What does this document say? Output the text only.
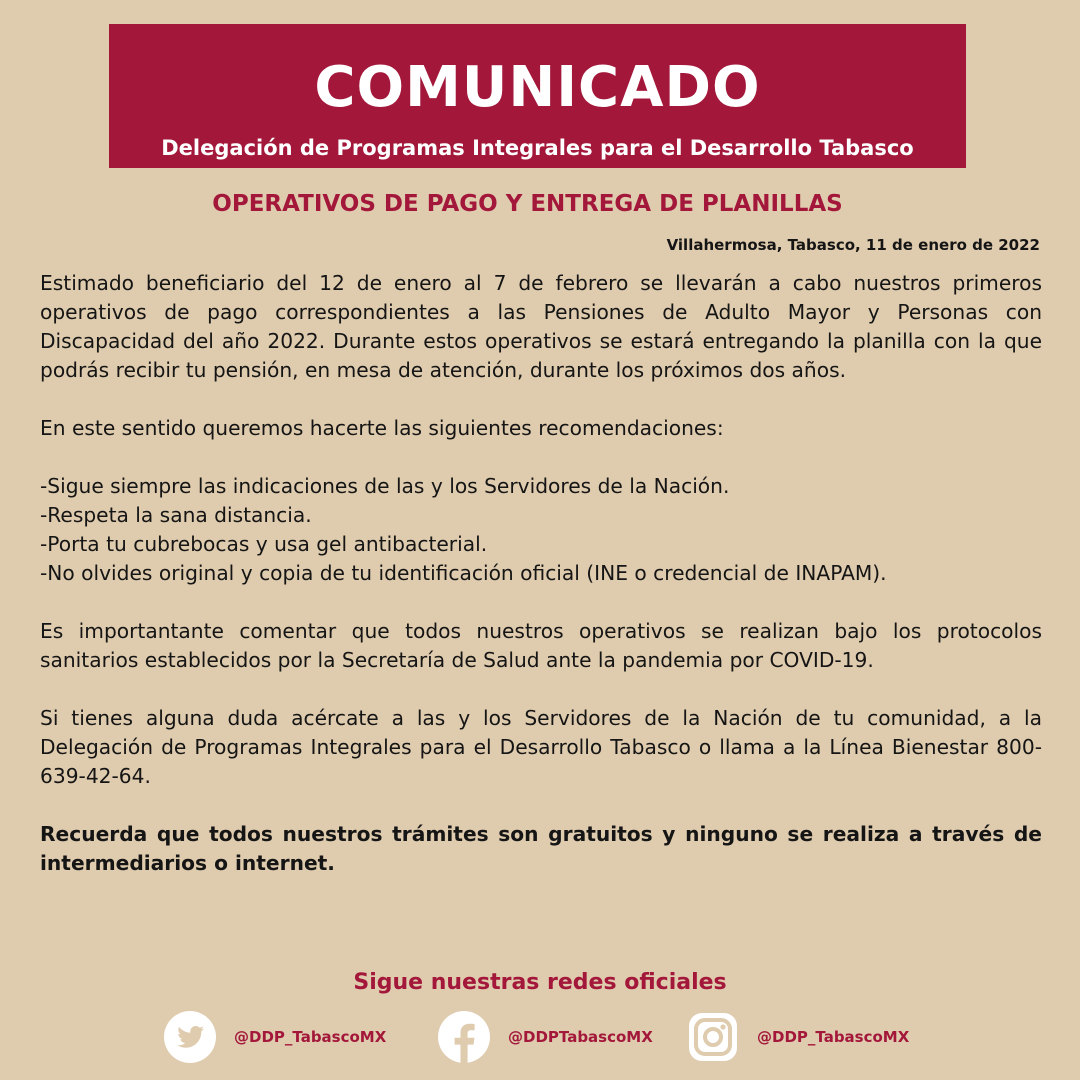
COMUNICADO
Delegación de Programas Integrales para el Desarrollo Tabasco
OPERATIVOS DE PAGO Y ENTREGA DE PLANILLAS
Villahermosa, Tabasco, 11 de enero de 2022

Estimado beneficiario del 12 de enero al 7 de febrero se llevarán a cabo nuestros primeros operativos de pago correspondientes a las Pensiones de Adulto Mayor y Personas con Discapacidad del año 2022. Durante estos operativos se estará entregando la planilla con la que podrás recibir tu pensión, en mesa de atención, durante los próximos dos años.

En este sentido queremos hacerte las siguientes recomendaciones:

-Sigue siempre las indicaciones de las y los Servidores de la Nación.

-Respeta la sana distancia.

-Porta tu cubrebocas y usa gel antibacterial.

-No olvides original y copia de tu identificación oficial (INE o credencial de INAPAM).

Es importantante comentar que todos nuestros operativos se realizan bajo los protocolos sanitarios establecidos por la Secretaría de Salud ante la pandemia por COVID-19.

Si tienes alguna duda acércate a las y los Servidores de la Nación de tu comunidad, a la Delegación de Programas Integrales para el Desarrollo Tabasco o llama a la Línea Bienestar 800-639-42-64.

Recuerda que todos nuestros trámites son gratuitos y ninguno se realiza a través de intermediarios o internet.

Sigue nuestras redes oficiales
@DDP_TabascoMX	@DDPTabascoMX	@DDP_TabascoMX
